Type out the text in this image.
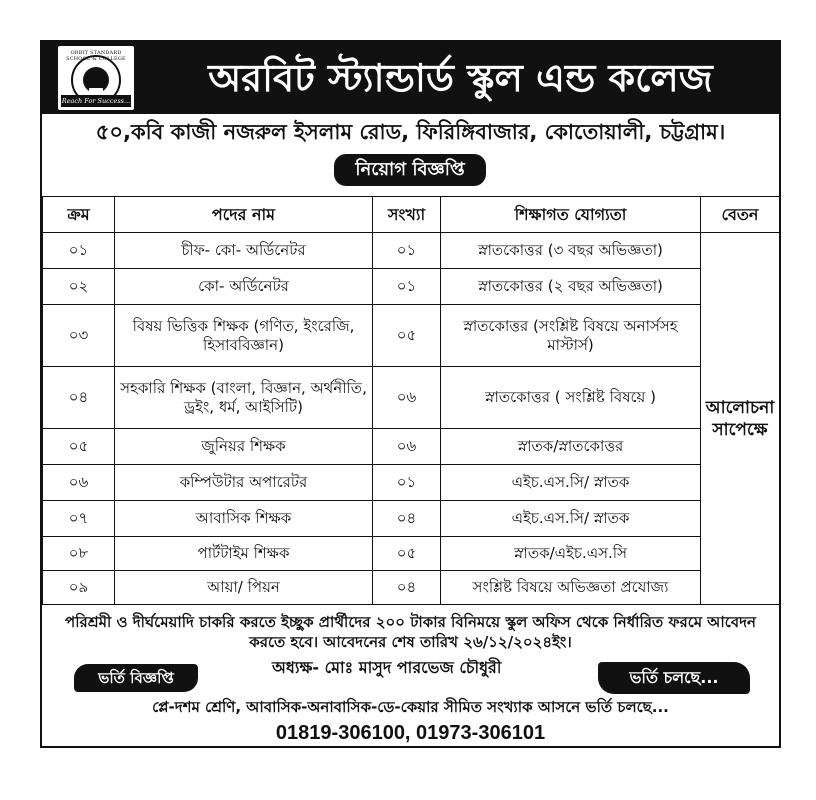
ORBIT STANDARD SCHOOL & COLLEGE
Reach For Success...
অরবিট স্ট্যান্ডার্ড স্কুল এন্ড কলেজ
৫০,কবি কাজী নজরুল ইসলাম রোড, ফিরিঙ্গিবাজার, কোতোয়ালী, চট্টগ্রাম।
নিয়োগ বিজ্ঞপ্তি
ক্রম	পদের নাম	সংখ্যা	শিক্ষাগত যোগ্যতা	বেতন
০১	চীফ- কো- অর্ডিনেটর	০১	স্নাতকোত্তর (৩ বছর অভিজ্ঞতা)	আলোচনা সাপেক্ষে
০২	কো- অর্ডিনেটর	০১	স্নাতকোত্তর (২ বছর অভিজ্ঞতা)	
০৩	বিষয় ভিত্তিক শিক্ষক (গণিত, ইংরেজি, হিসাববিজ্ঞান)	০৫	স্নাতকোত্তর (সংশ্লিষ্ট বিষয়ে অনার্সসহ মাস্টার্স)	
০৪	সহকারি শিক্ষক (বাংলা, বিজ্ঞান, অর্থনীতি, ড্রইং, ধর্ম, আইসিটি)	০৬	স্নাতকোত্তর ( সংশ্লিষ্ট বিষয়ে )	
০৫	জুনিয়র শিক্ষক	০৬	স্নাতক/স্নাতকোত্তর	
০৬	কম্পিউটার অপারেটর	০১	এইচ.এস.সি/ স্নাতক	
০৭	আবাসিক শিক্ষক	০৪	এইচ.এস.সি/ স্নাতক	
০৮	পার্টটাইম শিক্ষক	০৫	স্নাতক/এইচ.এস.সি	
০৯	আয়া/ পিয়ন	০৪	সংশ্লিষ্ট বিষয়ে অভিজ্ঞতা প্রযোজ্য	
পরিশ্রমী ও দীর্ঘমেয়াদি চাকরি করতে ইচ্ছুক প্রার্থীদের ২০০ টাকার বিনিময়ে স্কুল অফিস থেকে নির্ধারিত ফরমে আবেদন করতে হবে। আবেদনের শেষ তারিখ ২৬/১২/২০২৪ইং।
ভর্তি বিজ্ঞপ্তি
অধ্যক্ষ- মোঃ মাসুদ পারভেজ চৌধুরী
ভর্তি চলছে...
প্লে-দশম শ্রেণি, আবাসিক-অনাবাসিক-ডে-কেয়ার সীমিত সংখ্যাক আসনে ভর্তি চলছে...
01819-306100, 01973-306101
